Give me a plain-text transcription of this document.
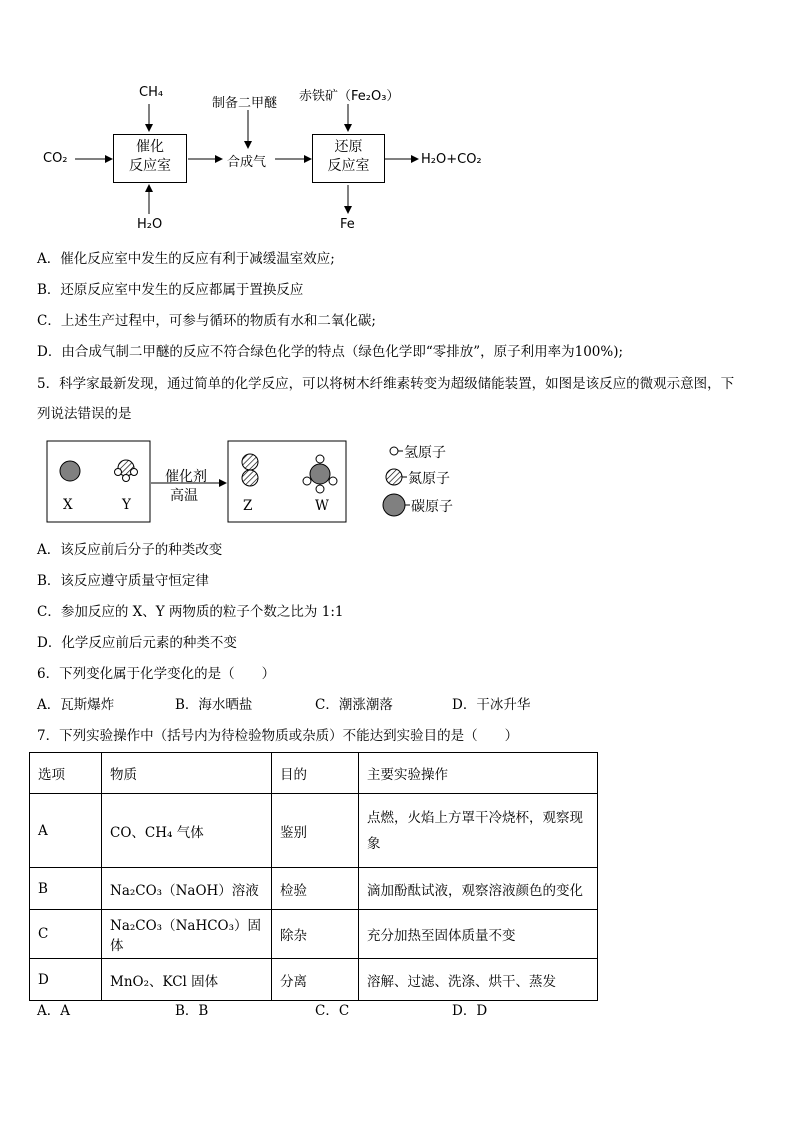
CH₄
制备二甲醚 赤铁矿（Fe₂O₃）
CO₂
催化
反应室	合成气
还原
反应室	H₂O+CO₂
H₂O	Fe
A．催化反应室中发生的反应有利于减缓温室效应;
B．还原反应室中发生的反应都属于置换反应
C．上述生产过程中，可参与循环的物质有水和二氧化碳;
D．由合成气制二甲醚的反应不符合绿色化学的特点（绿色化学即“零排放”，原子利用率为100%);
5．科学家最新发现，通过简单的化学反应，可以将树木纤维素转变为超级储能装置，如图是该反应的微观示意图，下
列说法错误的是
X	Y	Z	W
催化剂
高温
氢原子
氮原子
碳原子
A．该反应前后分子的种类改变
B．该反应遵守质量守恒定律
C．参加反应的 X、Y 两物质的粒子个数之比为 1:1
D．化学反应前后元素的种类不变
6．下列变化属于化学变化的是（　　）
A．瓦斯爆炸	B．海水晒盐	C．潮涨潮落	D．干冰升华
7．下列实验操作中（括号内为待检验物质或杂质）不能达到实验目的是（　　）
选项	物质	目的	主要实验操作
A	CO、CH₄ 气体	鉴别	点燃，火焰上方罩干冷烧杯，观察现象
B	Na₂CO₃（NaOH）溶液	检验	滴加酚酞试液，观察溶液颜色的变化
C	Na₂CO₃（NaHCO₃）固体	除杂	充分加热至固体质量不变
D	MnO₂、KCl 固体	分离	溶解、过滤、洗涤、烘干、蒸发
A．A	B．B	C．C	D．D
